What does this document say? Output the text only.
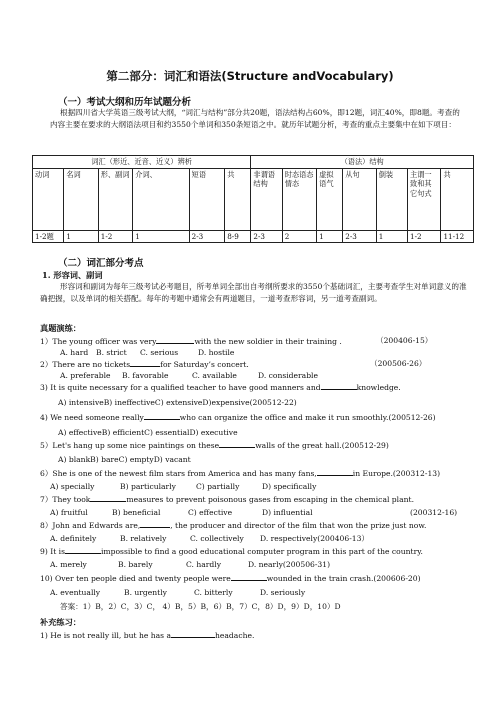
第二部分：词汇和语法(Structure andVocabulary)
（一）考试大纲和历年试题分析
根据四川省大学英语三级考试大纲，“词汇与结构”部分共20题，语法结构占60%，即12题，词汇40%，即8题。考查的内容主要在要求的大纲语法项目和约3550个单词和350条短语之中。就历年试题分析，考查的重点主要集中在如下项目：
词汇（形近、近音、近义）辨析						（语法）结构						
动词	名词	形、副词	介词、	短语	共	非谓语结构	时态语态情态	虚拟语气	从句	倒装	主谓一致和其它句式	共
1-2题	1	1-2	1	2-3	8-9	2-3	2	1	2-3	1	1-2	11-12
（二）词汇部分考点
1. 形容词、副词
形容词和副词为每年三级考试必考题目，所考单词全部出自考纲所要求的3550个基础词汇，主要考查学生对单词意义的准确把握，以及单词的相关搭配。每年的考题中通常会有两道题目，一道考查形容词，另一道考查副词。
真题演练：
1）The young officer was very	with the new soldier in their training .	（200406-15）
A. hard B. strict C. serious	D. hostile
2）There are no tickets	for Saturday’s concert.	（200506-26）
A. preferable B. favorable	C. available	D. considerable
3) It is quite necessary for a qualified teacher to have good manners and	knowledge.
A) intensiveB) ineffectiveC) extensiveD)expensive(200512-22)
4) We need someone really	who can organize the office and make it run smoothly.(200512-26)
A) effectiveB) efficientC) essentialD) executive
5）Let's hang up some nice paintings on these	walls of the great hall.(200512-29)
A) blankB) bareC) emptyD) vacant
6）She is one of the newest film stars from America and has many fans,	in Europe.(200312-13)
A) specially	B) particularly	C) partially	D) specifically
7）They took	measures to prevent poisonous gases from escaping in the chemical plant.
A) fruitful	B) beneficial	C) effective	D) influential	(200312-16)
8）John and Edwards are,	, the producer and director of the film that won the prize just now.
A. definitely	B. relatively	C. collectively D. respectively(200406-13）
9) It is	impossible to find a good educational computer program in this part of the country.
A. merely	B. barely	C. hardly	D. nearly(200506-31)
10) Over ten people died and twenty people were	wounded in the train crash.(200606-20)
A. eventually	B. urgently	C. bitterly	D. seriously
答案：1）B，2）C，3）C， 4）B，5）B，6）B，7）C，8）D，9）D，10）D
补充练习：
1) He is not really ill, but he has a	headache.
